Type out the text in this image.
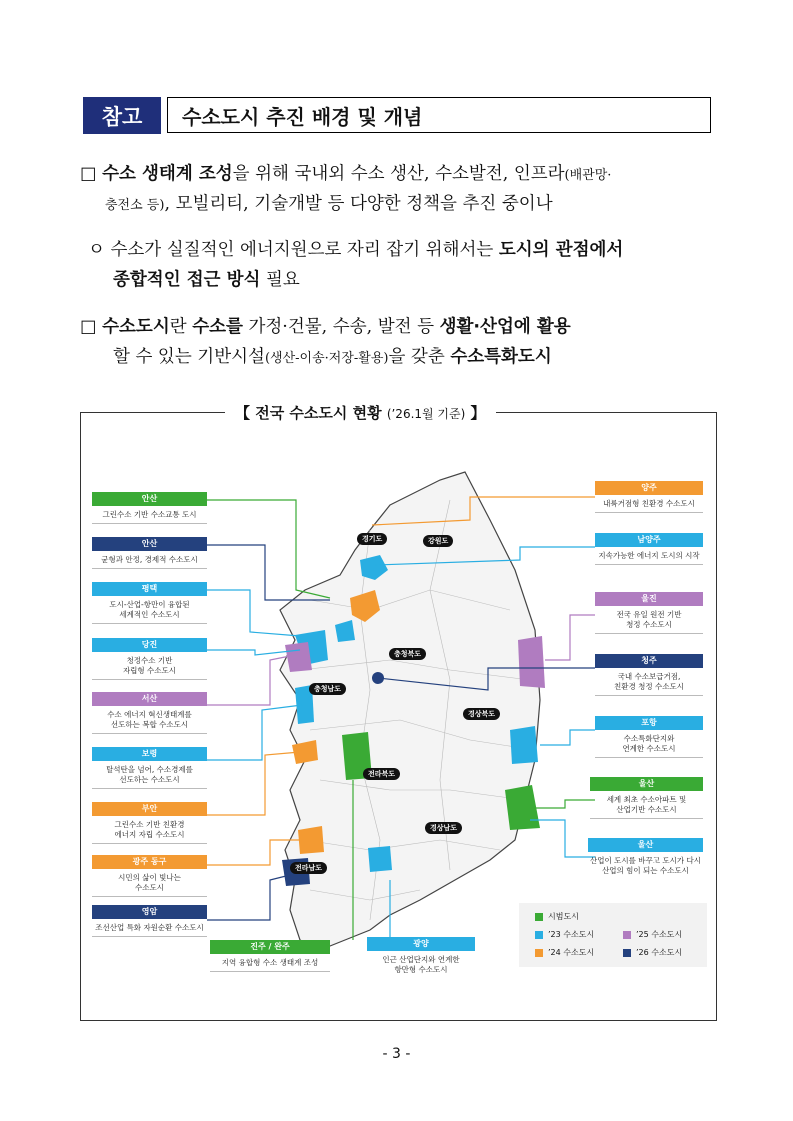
참고	수소도시 추진 배경 및 개념
□ 수소 생태계 조성을 위해 국내외 수소 생산, 수소발전, 인프라(배관망·
충전소 등), 모빌리티, 기술개발 등 다양한 정책을 추진 중이나
ㅇ 수소가 실질적인 에너지원으로 자리 잡기 위해서는 도시의 관점에서
종합적인 접근 방식 필요
□ 수소도시란 수소를 가정·건물, 수송, 발전 등 생활·산업에 활용
할 수 있는 기반시설(생산-이송·저장-활용)을 갖춘 수소특화도시
【 전국 수소도시 현황 (’26.1월 기준) 】
경기도	강원도
충청북도
충청남도
경상북도
전라북도
경상남도
전라남도
안산
그린수소 기반 수소교통 도시
안산
균형과 안정, 경제적 수소도시
평택
도시-산업-항만이 융합된
세계적인 수소도시
당진
청정수소 기반
자립형 수소도시
서산
수소 에너지 혁신생태계를
선도하는 복합 수소도시
보령
탈석탄을 넘어, 수소경제를
선도하는 수소도시
부안
그린수소 기반 친환경
에너지 자립 수소도시
광주 동구
시민의 삶이 빛나는
수소도시
영암
조선산업 특화 자원순환 수소도시
양주
내륙거점형 친환경 수소도시
남양주
지속가능한 에너지 도시의 시작
울진
전국 유일 원전 기반
청정 수소도시
청주
국내 수소보급거점,
친환경 청정 수소도시
포항
수소특화단지와
연계한 수소도시
울산
세계 최초 수소아파트 및
산업기반 수소도시
울산
산업이 도시를 바꾸고 도시가 다시
산업의 힘이 되는 수소도시
진주 / 완주
지역 융합형 수소 생태계 조성
광양
인근 산업단지와 연계한
항만형 수소도시
시범도시
’23 수소도시	’25 수소도시
’24 수소도시	’26 수소도시
- 3 -
